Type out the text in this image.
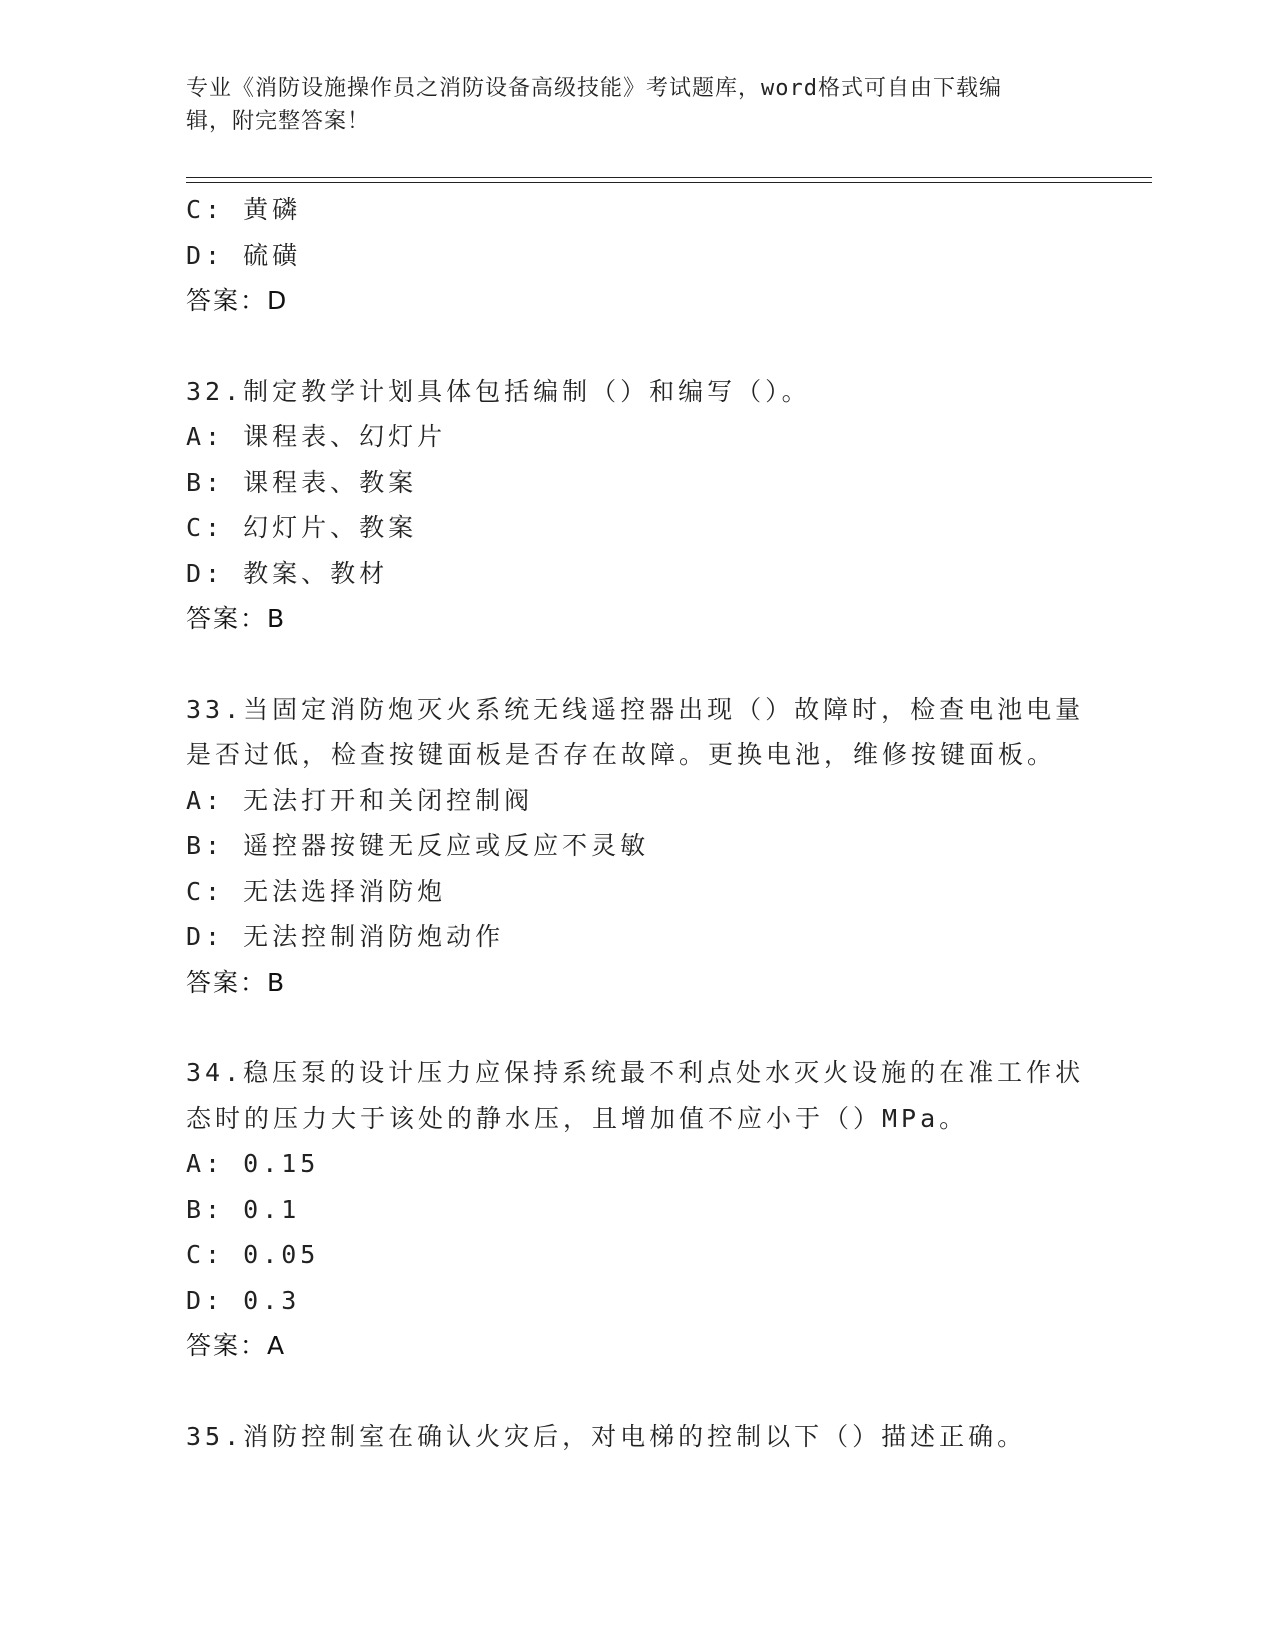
专业《消防设施操作员之消防设备高级技能》考试题库，word格式可自由下载编
辑，附完整答案！
C: 黄磷
D: 硫磺
答案：D
32.制定教学计划具体包括编制（）和编写（）。
A: 课程表、幻灯片
B: 课程表、教案
C: 幻灯片、教案
D: 教案、教材
答案：B
33.当固定消防炮灭火系统无线遥控器出现（）故障时，检查电池电量
是否过低，检查按键面板是否存在故障。更换电池，维修按键面板。
A: 无法打开和关闭控制阀
B: 遥控器按键无反应或反应不灵敏
C: 无法选择消防炮
D: 无法控制消防炮动作
答案：B
34.稳压泵的设计压力应保持系统最不利点处水灭火设施的在准工作状
态时的压力大于该处的静水压，且增加值不应小于（）MPa。
A: 0.15
B: 0.1
C: 0.05
D: 0.3
答案：A
35.消防控制室在确认火灾后，对电梯的控制以下（）描述正确。
